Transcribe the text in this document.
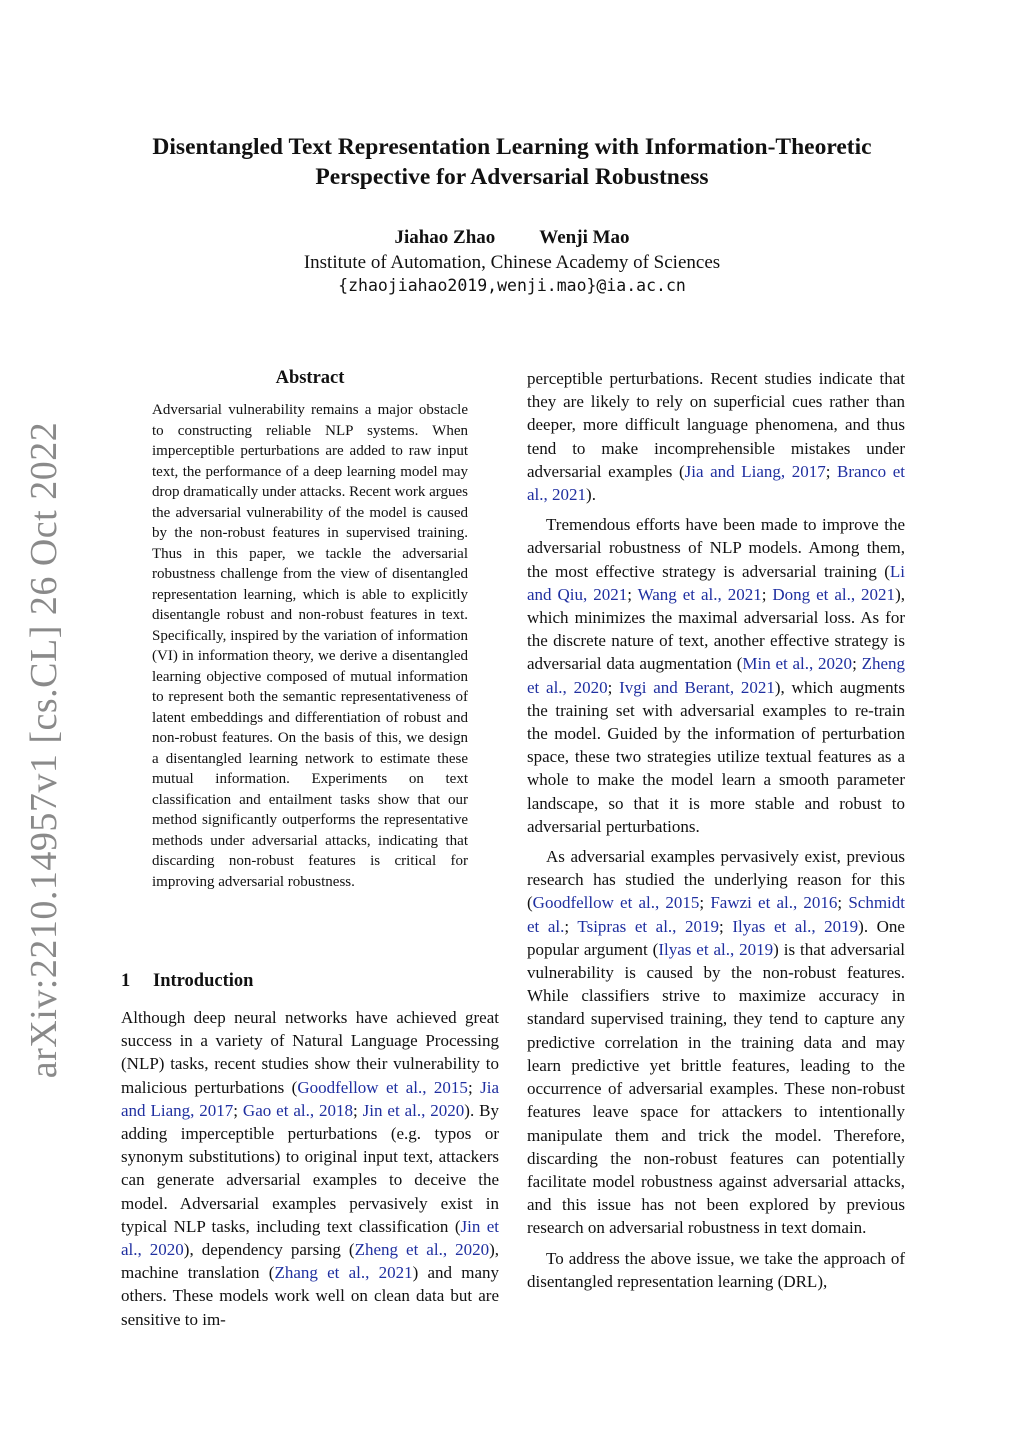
arXiv:2210.14957v1 [cs.CL] 26 Oct 2022
Disentangled Text Representation Learning with Information-Theoretic
Perspective for Adversarial Robustness
Jiahao Zhao Wenji Mao
Institute of Automation, Chinese Academy of Sciences
{zhaojiahao2019,wenji.mao}@ia.ac.cn
Abstract
Adversarial vulnerability remains a major obstacle to constructing reliable NLP systems. When imperceptible perturbations are added to raw input text, the performance of a deep learning model may drop dramatically under attacks. Recent work argues the adversarial vulnerability of the model is caused by the non-robust features in supervised training. Thus in this paper, we tackle the adversarial robustness challenge from the view of disentangled representation learning, which is able to explicitly disentangle robust and non-robust features in text. Specifically, inspired by the variation of information (VI) in information theory, we derive a disentangled learning objective composed of mutual information to represent both the semantic representativeness of latent embeddings and differentiation of robust and non-robust features. On the basis of this, we design a disentangled learning network to estimate these mutual information. Experiments on text classification and entailment tasks show that our method significantly outperforms the representative methods under adversarial attacks, indicating that discarding non-robust features is critical for improving adversarial robustness.
1 Introduction

Although deep neural networks have achieved great success in a variety of Natural Language Processing (NLP) tasks, recent studies show their vulnerability to malicious perturbations (Goodfellow et al., 2015; Jia and Liang, 2017; Gao et al., 2018; Jin et al., 2020). By adding imperceptible perturbations (e.g. typos or synonym substitutions) to original input text, attackers can generate adversarial examples to deceive the model. Adversarial examples pervasively exist in typical NLP tasks, including text classification (Jin et al., 2020), dependency parsing (Zheng et al., 2020), machine translation (Zhang et al., 2021) and many others. These models work well on clean data but are sensitive to im-

perceptible perturbations. Recent studies indicate that they are likely to rely on superficial cues rather than deeper, more difficult language phenomena, and thus tend to make incomprehensible mistakes under adversarial examples (Jia and Liang, 2017; Branco et al., 2021).

Tremendous efforts have been made to improve the adversarial robustness of NLP models. Among them, the most effective strategy is adversarial training (Li and Qiu, 2021; Wang et al., 2021; Dong et al., 2021), which minimizes the maximal adversarial loss. As for the discrete nature of text, another effective strategy is adversarial data augmentation (Min et al., 2020; Zheng et al., 2020; Ivgi and Berant, 2021), which augments the training set with adversarial examples to re-train the model. Guided by the information of perturbation space, these two strategies utilize textual features as a whole to make the model learn a smooth parameter landscape, so that it is more stable and robust to adversarial perturbations.

As adversarial examples pervasively exist, previous research has studied the underlying reason for this (Goodfellow et al., 2015; Fawzi et al., 2016; Schmidt et al.; Tsipras et al., 2019; Ilyas et al., 2019). One popular argument (Ilyas et al., 2019) is that adversarial vulnerability is caused by the non-robust features. While classifiers strive to maximize accuracy in standard supervised training, they tend to capture any predictive correlation in the training data and may learn predictive yet brittle features, leading to the occurrence of adversarial examples. These non-robust features leave space for attackers to intentionally manipulate them and trick the model. Therefore, discarding the non-robust features can potentially facilitate model robustness against adversarial attacks, and this issue has not been explored by previous research on adversarial robustness in text domain.

To address the above issue, we take the approach of disentangled representation learning (DRL),
